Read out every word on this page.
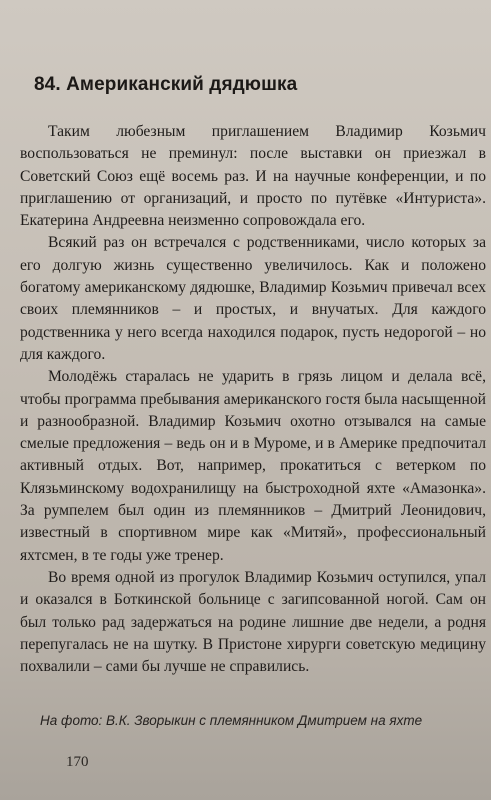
84. Американский дядюшка

Таким любезным приглашением Владимир Козьмич воспользоваться не преминул: после выставки он приезжал в Советский Союз ещё восемь раз. И на научные конференции, и по приглашению от организаций, и просто по путёвке «Интуриста». Екатерина Андреевна неизменно сопровождала его.

Всякий раз он встречался с родственниками, число которых за его долгую жизнь существенно увеличилось. Как и положено богатому американскому дядюшке, Владимир Козьмич привечал всех своих племянников – и простых, и внучатых. Для каждого родственника у него всегда находился подарок, пусть недорогой – но для каждого.

Молодёжь старалась не ударить в грязь лицом и делала всё, чтобы программа пребывания американского гостя была насыщенной и разнообразной. Владимир Козьмич охотно отзывался на самые смелые предложения – ведь он и в Муроме, и в Америке предпочитал активный отдых. Вот, например, прокатиться с ветерком по Клязьминскому водохранилищу на быстроходной яхте «Амазонка». За румпелем был один из племянников – Дмитрий Леонидович, известный в спортивном мире как «Митяй», профессиональный яхтсмен, в те годы уже тренер.

Во время одной из прогулок Владимир Козьмич оступился, упал и оказался в Боткинской больнице с загипсованной ногой. Сам он был только рад задержаться на родине лишние две недели, а родня перепугалась не на шутку. В Пристоне хирурги советскую медицину похвалили – сами бы лучше не справились.

На фото: В.К. Зворыкин с племянником Дмитрием на яхте
170
